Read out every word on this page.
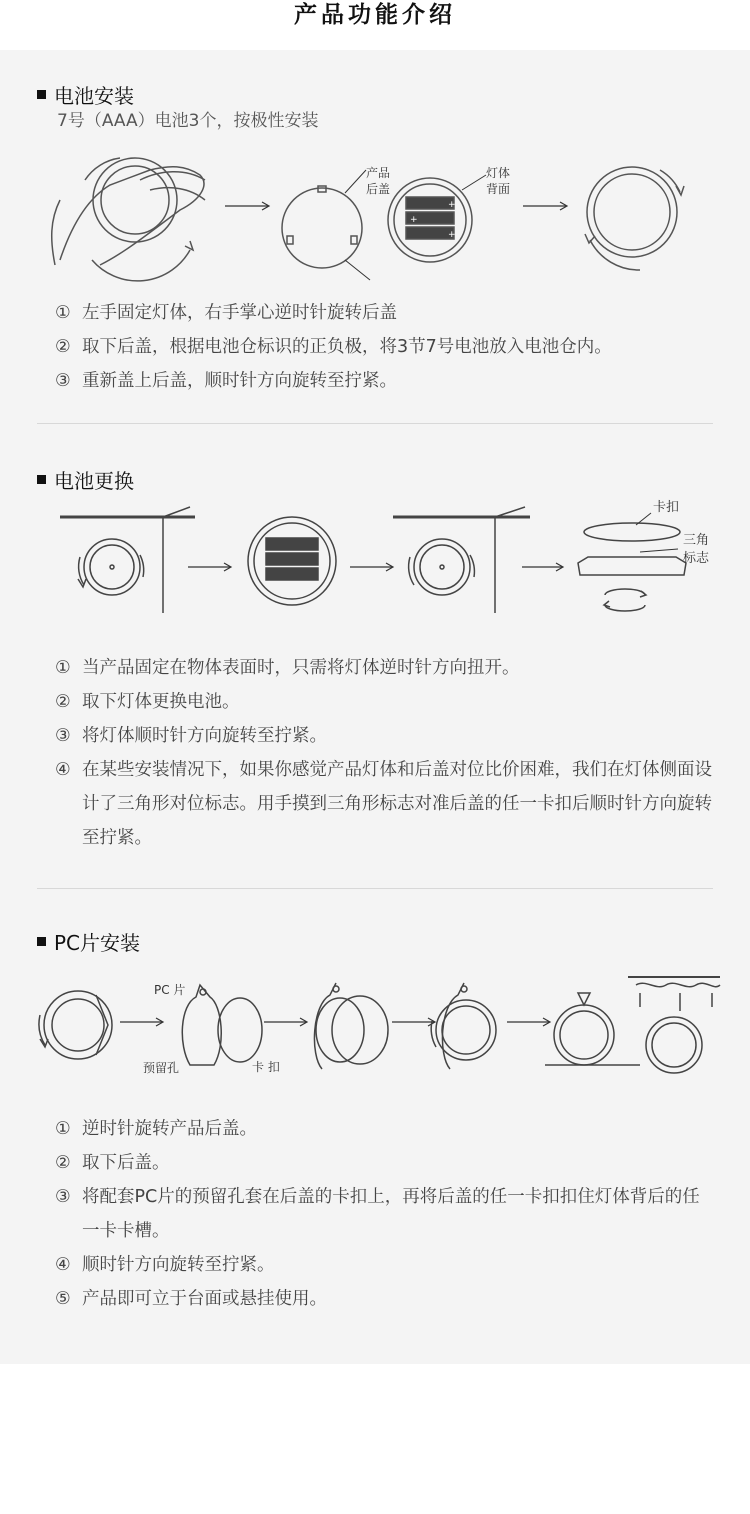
产品功能介绍
电池安装
7号（AAA）电池3个，按极性安装
产品
后盖
+
+
+
灯体
背面
① 左手固定灯体，右手掌心逆时针旋转后盖
② 取下后盖，根据电池仓标识的正负极，将3节7号电池放入电池仓内。
③ 重新盖上后盖，顺时针方向旋转至拧紧。
电池更换
卡扣
三角
标志
① 当产品固定在物体表面时，只需将灯体逆时针方向扭开。
② 取下灯体更换电池。
③ 将灯体顺时针方向旋转至拧紧。
④ 在某些安装情况下，如果你感觉产品灯体和后盖对位比价困难，我们在灯体侧面设计了三角形对位标志。用手摸到三角形标志对准后盖的任一卡扣后顺时针方向旋转至拧紧。
PC片安装
PC 片
预留孔	卡 扣
① 逆时针旋转产品后盖。
② 取下后盖。
③ 将配套PC片的预留孔套在后盖的卡扣上，再将后盖的任一卡扣扣住灯体背后的任一卡卡槽。
④ 顺时针方向旋转至拧紧。
⑤ 产品即可立于台面或悬挂使用。
